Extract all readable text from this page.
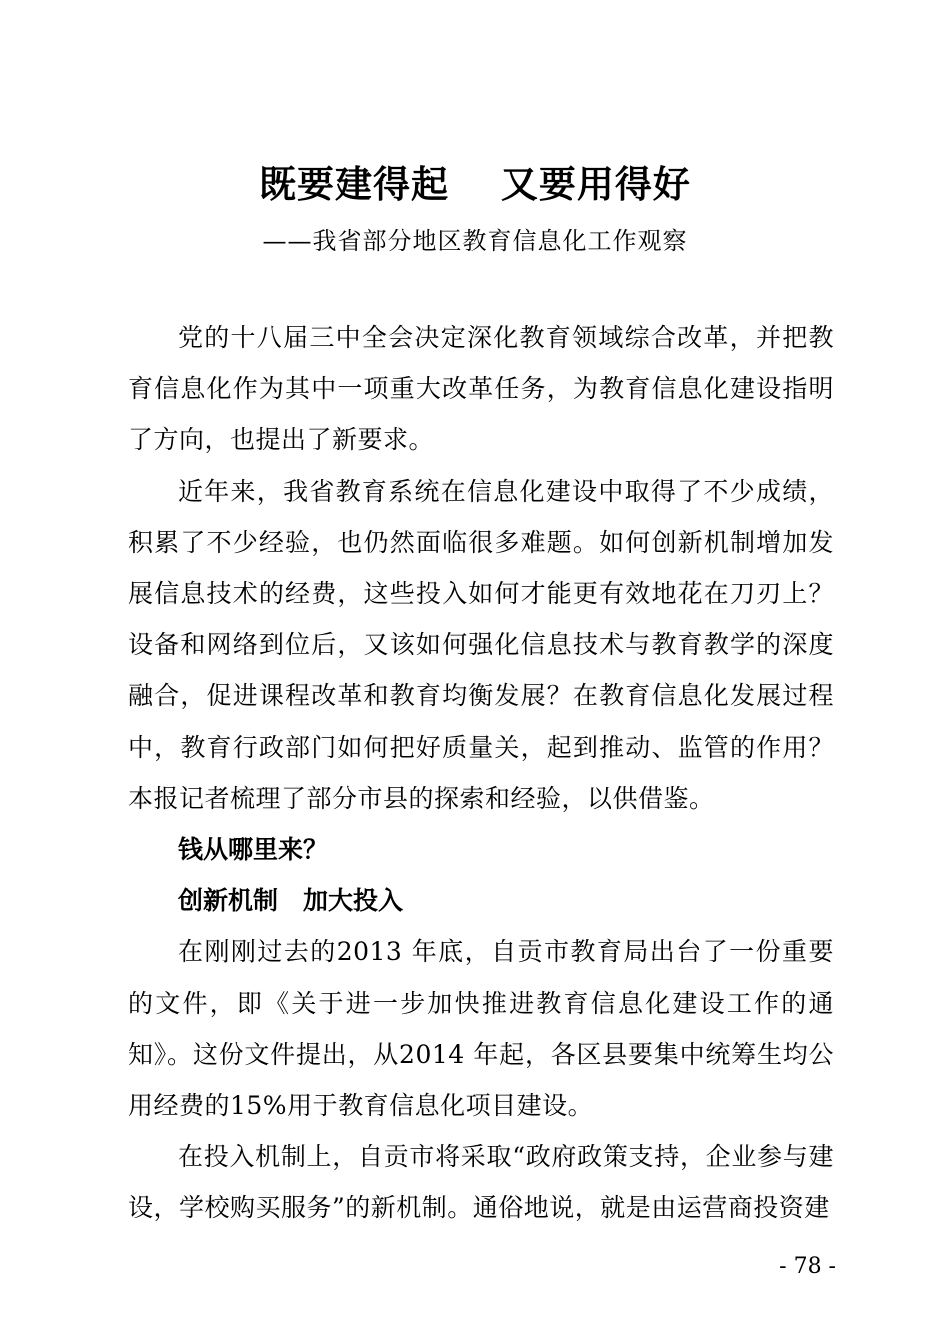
既要建得起　 又要用得好
——我省部分地区教育信息化工作观察

党的十八届三中全会决定深化教育领域综合改革，并把教育信息化作为其中一项重大改革任务，为教育信息化建设指明了方向，也提出了新要求。

近年来，我省教育系统在信息化建设中取得了不少成绩，积累了不少经验，也仍然面临很多难题。如何创新机制增加发展信息技术的经费，这些投入如何才能更有效地花在刀刃上？设备和网络到位后，又该如何强化信息技术与教育教学的深度融合，促进课程改革和教育均衡发展？在教育信息化发展过程中，教育行政部门如何把好质量关，起到推动、监管的作用？本报记者梳理了部分市县的探索和经验，以供借鉴。

钱从哪里来？

创新机制　加大投入

在刚刚过去的2013 年底，自贡市教育局出台了一份重要的文件，即《关于进一步加快推进教育信息化建设工作的通知》。这份文件提出，从2014 年起，各区县要集中统筹生均公用经费的15%用于教育信息化项目建设。

在投入机制上，自贡市将采取“政府政策支持，企业参与建设，学校购买服务”的新机制。通俗地说，就是由运营商投资建

- 78 -
